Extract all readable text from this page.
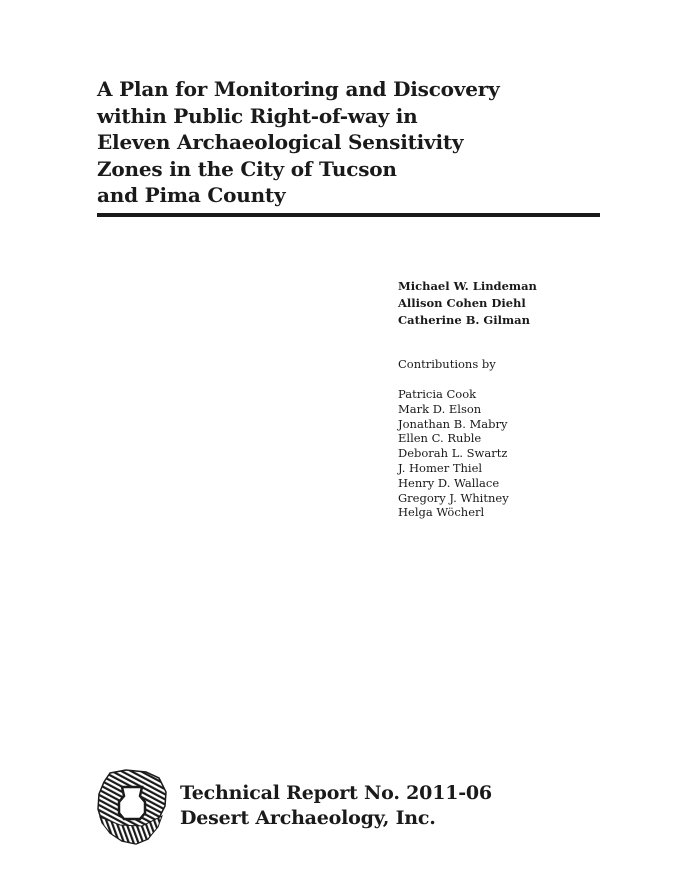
A Plan for Monitoring and Discovery
within Public Right-of-way in
Eleven Archaeological Sensitivity
Zones in the City of Tucson
and Pima County
Michael W. Lindeman
Allison Cohen Diehl
Catherine B. Gilman
Contributions by
Patricia Cook
Mark D. Elson
Jonathan B. Mabry
Ellen C. Ruble
Deborah L. Swartz
J. Homer Thiel
Henry D. Wallace
Gregory J. Whitney
Helga Wöcherl
Technical Report No. 2011-06
Desert Archaeology, Inc.
